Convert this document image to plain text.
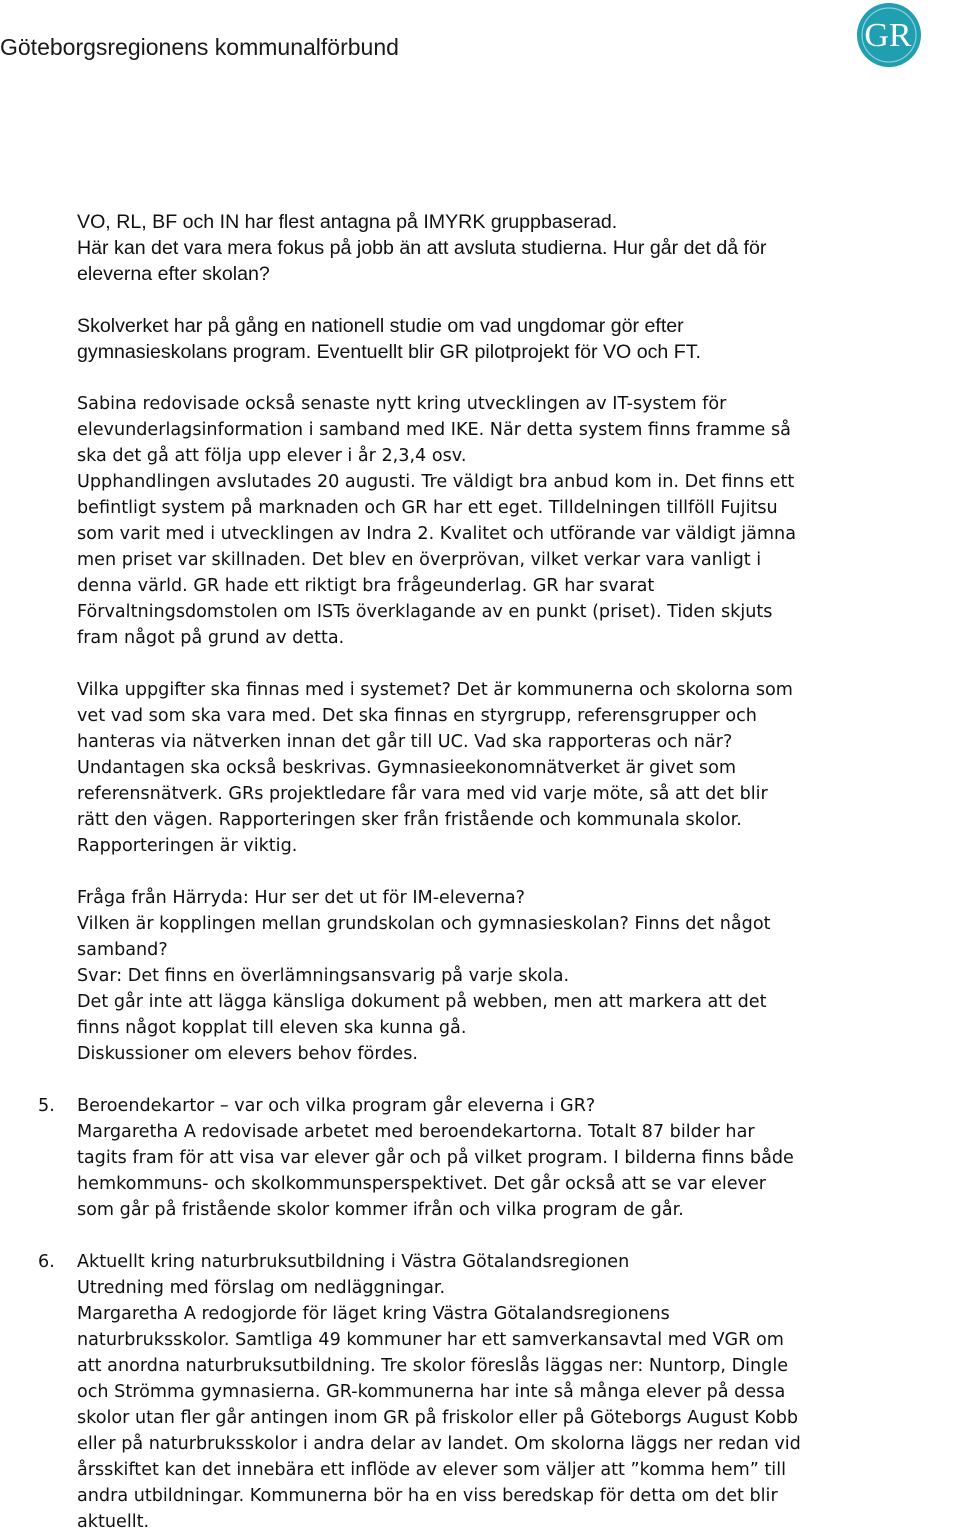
Göteborgsregionens kommunalförbund	GR

VO, RL, BF och IN har flest antagna på IMYRK gruppbaserad.

Här kan det vara mera fokus på jobb än att avsluta studierna. Hur går det då för

eleverna efter skolan?

Skolverket har på gång en nationell studie om vad ungdomar gör efter

gymnasieskolans program. Eventuellt blir GR pilotprojekt för VO och FT.

Sabina redovisade också senaste nytt kring utvecklingen av IT-system för

elevunderlagsinformation i samband med IKE. När detta system finns framme så

ska det gå att följa upp elever i år 2,3,4 osv.

Upphandlingen avslutades 20 augusti. Tre väldigt bra anbud kom in. Det finns ett

befintligt system på marknaden och GR har ett eget. Tilldelningen tillföll Fujitsu

som varit med i utvecklingen av Indra 2. Kvalitet och utförande var väldigt jämna

men priset var skillnaden. Det blev en överprövan, vilket verkar vara vanligt i

denna värld. GR hade ett riktigt bra frågeunderlag. GR har svarat

Förvaltningsdomstolen om ISTs överklagande av en punkt (priset). Tiden skjuts

fram något på grund av detta.

Vilka uppgifter ska finnas med i systemet? Det är kommunerna och skolorna som

vet vad som ska vara med. Det ska finnas en styrgrupp, referensgrupper och

hanteras via nätverken innan det går till UC. Vad ska rapporteras och när?

Undantagen ska också beskrivas. Gymnasieekonomnätverket är givet som

referensnätverk. GRs projektledare får vara med vid varje möte, så att det blir

rätt den vägen. Rapporteringen sker från fristående och kommunala skolor.

Rapporteringen är viktig.

Fråga från Härryda: Hur ser det ut för IM-eleverna?

Vilken är kopplingen mellan grundskolan och gymnasieskolan? Finns det något

samband?

Svar: Det finns en överlämningsansvarig på varje skola.

Det går inte att lägga känsliga dokument på webben, men att markera att det

finns något kopplat till eleven ska kunna gå.

Diskussioner om elevers behov fördes.

Beroendekartor – var och vilka program går eleverna i GR?

Margaretha A redovisade arbetet med beroendekartorna. Totalt 87 bilder har

tagits fram för att visa var elever går och på vilket program. I bilderna finns både

hemkommuns- och skolkommunsperspektivet. Det går också att se var elever

som går på fristående skolor kommer ifrån och vilka program de går.

Aktuellt kring naturbruksutbildning i Västra Götalandsregionen

Utredning med förslag om nedläggningar.

Margaretha A redogjorde för läget kring Västra Götalandsregionens

naturbruksskolor. Samtliga 49 kommuner har ett samverkansavtal med VGR om

att anordna naturbruksutbildning. Tre skolor föreslås läggas ner: Nuntorp, Dingle

och Strömma gymnasierna. GR-kommunerna har inte så många elever på dessa

skolor utan fler går antingen inom GR på friskolor eller på Göteborgs August Kobb

eller på naturbruksskolor i andra delar av landet. Om skolorna läggs ner redan vid

årsskiftet kan det innebära ett inflöde av elever som väljer att ”komma hem” till

andra utbildningar. Kommunerna bör ha en viss beredskap för detta om det blir

aktuellt.

5.
6.
